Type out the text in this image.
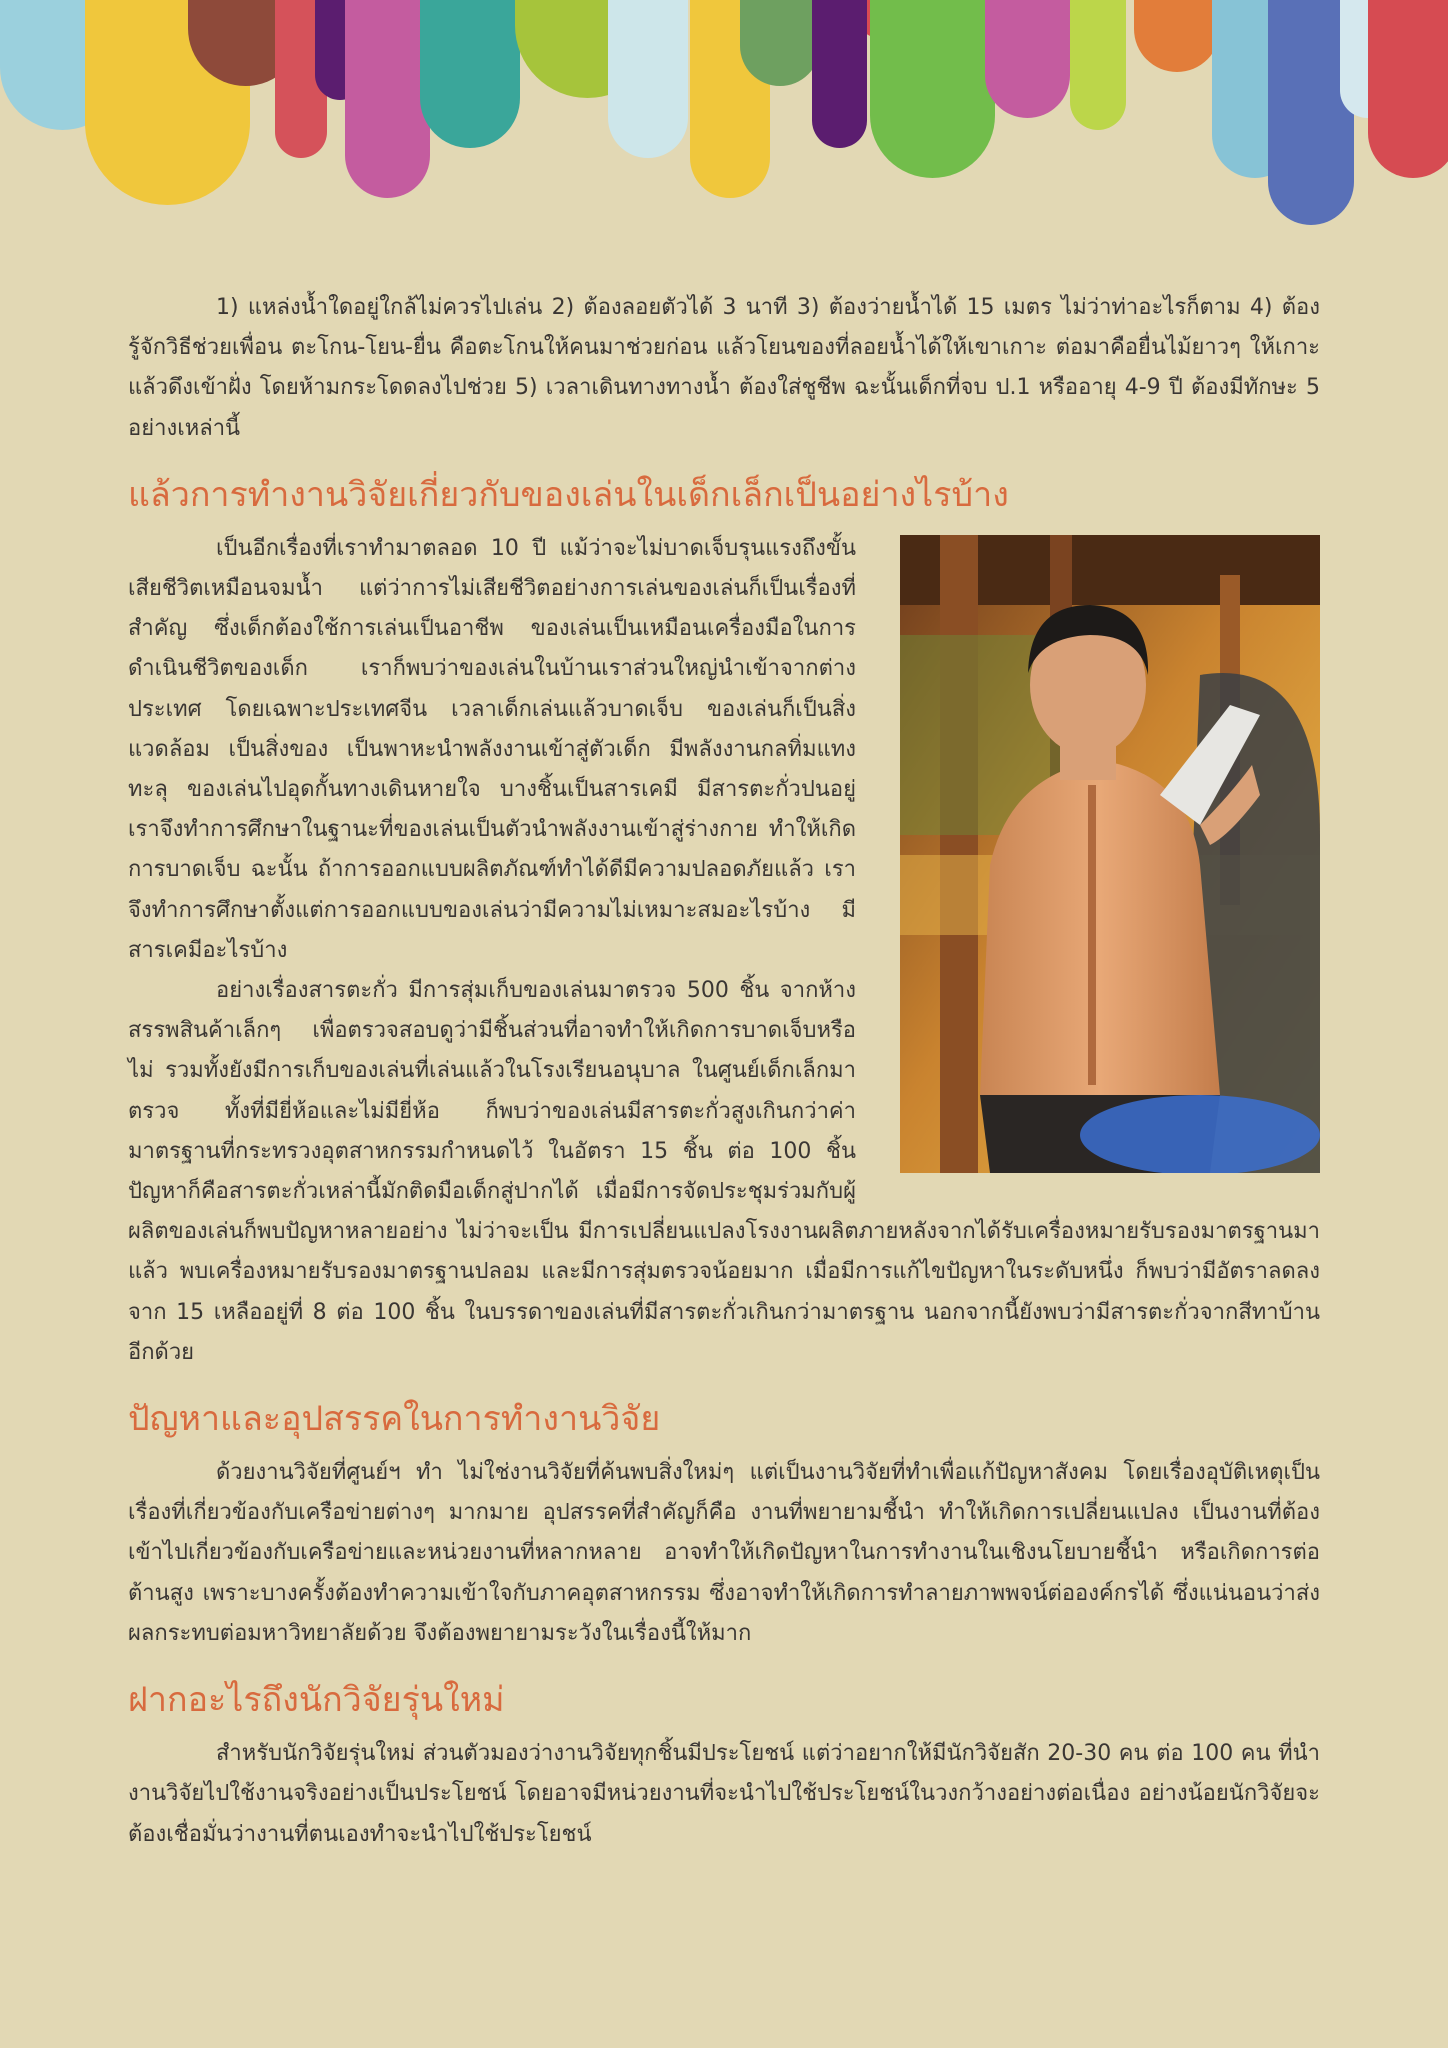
1) แหล่งน้ำใดอยู่ใกล้ไม่ควรไปเล่น 2) ต้องลอยตัวได้ 3 นาที 3) ต้องว่ายน้ำได้ 15 เมตร ไม่ว่าท่าอะไรก็ตาม 4) ต้องรู้จักวิธีช่วยเพื่อน ตะโกน-โยน-ยื่น คือตะโกนให้คนมาช่วยก่อน แล้วโยนของที่ลอยน้ำได้ให้เขาเกาะ ต่อมาคือยื่นไม้ยาวๆ ให้เกาะแล้วดึงเข้าฝั่ง โดยห้ามกระโดดลงไปช่วย 5) เวลาเดินทางทางน้ำ ต้องใส่ชูชีพ ฉะนั้นเด็กที่จบ ป.1 หรืออายุ 4-9 ปี ต้องมีทักษะ 5 อย่างเหล่านี้

แล้วการทำงานวิจัยเกี่ยวกับของเล่นในเด็กเล็กเป็นอย่างไรบ้าง

เป็นอีกเรื่องที่เราทำมาตลอด 10 ปี แม้ว่าจะไม่บาดเจ็บรุนแรงถึงขั้นเสียชีวิตเหมือนจมน้ำ แต่ว่าการไม่เสียชีวิตอย่างการเล่นของเล่นก็เป็นเรื่องที่สำคัญ ซึ่งเด็กต้องใช้การเล่นเป็นอาชีพ ของเล่นเป็นเหมือนเครื่องมือในการดำเนินชีวิตของเด็ก เราก็พบว่าของเล่นในบ้านเราส่วนใหญ่นำเข้าจากต่างประเทศ โดยเฉพาะประเทศจีน เวลาเด็กเล่นแล้วบาดเจ็บ ของเล่นก็เป็นสิ่งแวดล้อม เป็นสิ่งของ เป็นพาหะนำพลังงานเข้าสู่ตัวเด็ก มีพลังงานกลทิ่มแทงทะลุ ของเล่นไปอุดกั้นทางเดินหายใจ บางชิ้นเป็นสารเคมี มีสารตะกั่วปนอยู่ เราจึงทำการศึกษาในฐานะที่ของเล่นเป็นตัวนำพลังงานเข้าสู่ร่างกาย ทำให้เกิดการบาดเจ็บ ฉะนั้น ถ้าการออกแบบผลิตภัณฑ์ทำได้ดีมีความปลอดภัยแล้ว เราจึงทำการศึกษาตั้งแต่การออกแบบของเล่นว่ามีความไม่เหมาะสมอะไรบ้าง มีสารเคมีอะไรบ้าง

อย่างเรื่องสารตะกั่ว มีการสุ่มเก็บของเล่นมาตรวจ 500 ชิ้น จากห้างสรรพสินค้าเล็กๆ เพื่อตรวจสอบดูว่ามีชิ้นส่วนที่อาจทำให้เกิดการบาดเจ็บหรือไม่ รวมทั้งยังมีการเก็บของเล่นที่เล่นแล้วในโรงเรียนอนุบาล ในศูนย์เด็กเล็กมาตรวจ ทั้งที่มียี่ห้อและไม่มียี่ห้อ ก็พบว่าของเล่นมีสารตะกั่วสูงเกินกว่าค่ามาตรฐานที่กระทรวงอุตสาหกรรมกำหนดไว้ ในอัตรา 15 ชิ้น ต่อ 100 ชิ้น ปัญหาก็คือสารตะกั่วเหล่านี้มักติดมือเด็กสู่ปากได้ เมื่อมีการจัดประชุมร่วมกับผู้ผลิตของเล่นก็พบปัญหาหลายอย่าง ไม่ว่าจะเป็น มีการเปลี่ยนแปลงโรงงานผลิตภายหลังจากได้รับเครื่องหมายรับรองมาตรฐานมาแล้ว พบเครื่องหมายรับรองมาตรฐานปลอม และมีการสุ่มตรวจน้อยมาก เมื่อมีการแก้ไขปัญหาในระดับหนึ่ง ก็พบว่ามีอัตราลดลงจาก 15 เหลืออยู่ที่ 8 ต่อ 100 ชิ้น ในบรรดาของเล่นที่มีสารตะกั่วเกินกว่ามาตรฐาน นอกจากนี้ยังพบว่ามีสารตะกั่วจากสีทาบ้านอีกด้วย

ปัญหาและอุปสรรคในการทำงานวิจัย

ด้วยงานวิจัยที่ศูนย์ฯ ทำ ไม่ใช่งานวิจัยที่ค้นพบสิ่งใหม่ๆ แต่เป็นงานวิจัยที่ทำเพื่อแก้ปัญหาสังคม โดยเรื่องอุบัติเหตุเป็นเรื่องที่เกี่ยวข้องกับเครือข่ายต่างๆ มากมาย อุปสรรคที่สำคัญก็คือ งานที่พยายามชี้นำ ทำให้เกิดการเปลี่ยนแปลง เป็นงานที่ต้องเข้าไปเกี่ยวข้องกับเครือข่ายและหน่วยงานที่หลากหลาย อาจทำให้เกิดปัญหาในการทำงานในเชิงนโยบายชี้นำ หรือเกิดการต่อต้านสูง เพราะบางครั้งต้องทำความเข้าใจกับภาคอุตสาหกรรม ซึ่งอาจทำให้เกิดการทำลายภาพพจน์ต่อองค์กรได้ ซึ่งแน่นอนว่าส่งผลกระทบต่อมหาวิทยาลัยด้วย จึงต้องพยายามระวังในเรื่องนี้ให้มาก

ฝากอะไรถึงนักวิจัยรุ่นใหม่

สำหรับนักวิจัยรุ่นใหม่ ส่วนตัวมองว่างานวิจัยทุกชิ้นมีประโยชน์ แต่ว่าอยากให้มีนักวิจัยสัก 20-30 คน ต่อ 100 คน ที่นำงานวิจัยไปใช้งานจริงอย่างเป็นประโยชน์ โดยอาจมีหน่วยงานที่จะนำไปใช้ประโยชน์ในวงกว้างอย่างต่อเนื่อง อย่างน้อยนักวิจัยจะต้องเชื่อมั่นว่างานที่ตนเองทำจะนำไปใช้ประโยชน์
